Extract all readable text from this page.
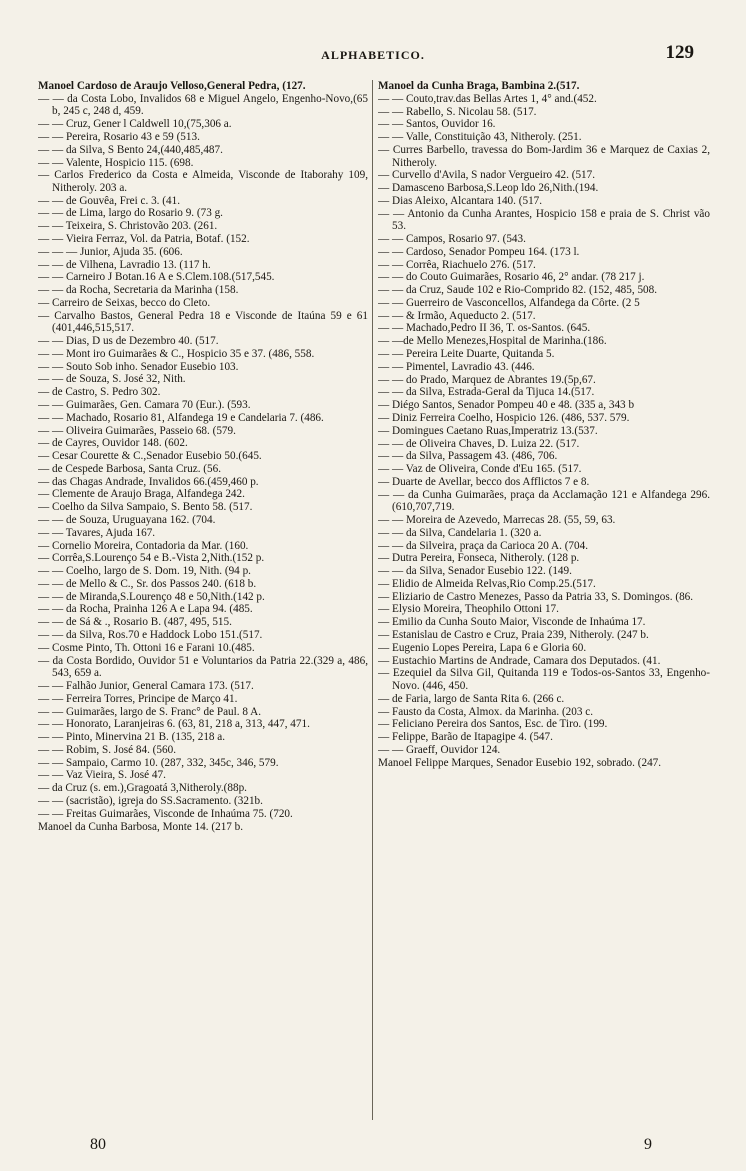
ALPHABETICO.	129

Manoel Cardoso de Araujo Velloso,General Pedra, (127.

— — da Costa Lobo, Invalidos 68 e Miguel Angelo, Engenho-Novo,(65 b, 245 c, 248 d, 459.

— — Cruz, Gener l Caldwell 10,(75,306 a.

— — Pereira, Rosario 43 e 59 (513.

— — da Silva, S Bento 24,(440,485,487.

— — Valente, Hospicio 115. (698.

— Carlos Frederico da Costa e Almeida, Visconde de Itaborahy 109, Nitheroly. 203 a.

— — de Gouvêa, Frei c. 3. (41.

— — de Lima, largo do Rosario 9. (73 g.

— — Teixeira, S. Christovão 203. (261.

— — Vieira Ferraz, Vol. da Patria, Botaf. (152.

— — — Junior, Ajuda 35. (606.

— — de Vilhena, Lavradio 13. (117 h.

— — Carneiro J Botan.16 A e S.Clem.108.(517,545.

— — da Rocha, Secretaria da Marinha (158.

— Carreiro de Seixas, becco do Cleto.

— Carvalho Bastos, General Pedra 18 e Visconde de Itaúna 59 e 61 (401,446,515,517.

— — Dias, D us de Dezembro 40. (517.

— — Mont iro Guimarães & C., Hospicio 35 e 37. (486, 558.

— — Souto Sob inho. Senador Eusebio 103.

— — de Souza, S. José 32, Nith.

— de Castro, S. Pedro 302.

— — Guimarães, Gen. Camara 70 (Eur.). (593.

— — Machado, Rosario 81, Alfandega 19 e Candelaria 7. (486.

— — Oliveira Guimarães, Passeio 68. (579.

— de Cayres, Ouvidor 148. (602.

— Cesar Courette & C.,Senador Eusebio 50.(645.

— de Cespede Barbosa, Santa Cruz. (56.

— das Chagas Andrade, Invalidos 66.(459,460 p.

— Clemente de Araujo Braga, Alfandega 242.

— Coelho da Silva Sampaio, S. Bento 58. (517.

— — de Souza, Uruguayana 162. (704.

— — Tavares, Ajuda 167.

— Cornelio Moreira, Contadoria da Mar. (160.

— Corrêa,S.Lourenço 54 e B.-Vista 2,Nith.(152 p.

— — Coelho, largo de S. Dom. 19, Nith. (94 p.

— — de Mello & C., Sr. dos Passos 240. (618 b.

— — de Miranda,S.Lourenço 48 e 50,Nith.(142 p.

— — da Rocha, Prainha 126 A e Lapa 94. (485.

— — de Sá & ., Rosario B. (487, 495, 515.

— — da Silva, Ros.70 e Haddock Lobo 151.(517.

— Cosme Pinto, Th. Ottoni 16 e Farani 10.(485.

— da Costa Bordido, Ouvidor 51 e Voluntarios da Patria 22.(329 a, 486, 543, 659 a.

— — Falhão Junior, General Camara 173. (517.

— — Ferreira Torres, Principe de Março 41.

— — Guimarães, largo de S. Franc° de Paul. 8 A.

— — Honorato, Laranjeiras 6. (63, 81, 218 a, 313, 447, 471.

— — Pinto, Minervina 21 B. (135, 218 a.

— — Robim, S. José 84. (560.

— — Sampaio, Carmo 10. (287, 332, 345c, 346, 579.

— — Vaz Vieira, S. José 47.

— da Cruz (s. em.),Gragoatá 3,Nitheroly.(88p.

— — (sacristão), igreja do SS.Sacramento. (321b.

— — Freitas Guimarães, Visconde de Inhaúma 75. (720.

Manoel da Cunha Barbosa, Monte 14. (217 b.

Manoel da Cunha Braga, Bambina 2.(517.

— — Couto,trav.das Bellas Artes 1, 4° and.(452.

— — Rabello, S. Nicolau 58. (517.

— — Santos, Ouvidor 16.

— — Valle, Constituição 43, Nitheroly. (251.

— Curres Barbello, travessa do Bom-Jardim 36 e Marquez de Caxias 2, Nitheroly.

— Curvello d'Avila, S nador Vergueiro 42. (517.

— Damasceno Barbosa,S.Leop ldo 26,Nith.(194.

— Dias Aleixo, Alcantara 140. (517.

— — Antonio da Cunha Arantes, Hospicio 158 e praia de S. Christ vão 53.

— — Campos, Rosario 97. (543.

— — Cardoso, Senador Pompeu 164. (173 l.

— — Corrêa, Riachuelo 276. (517.

— — do Couto Guimarães, Rosario 46, 2° andar. (78 217 j.

— — da Cruz, Saude 102 e Rio-Comprido 82. (152, 485, 508.

— — Guerreiro de Vasconcellos, Alfandega da Côrte. (2 5

— — & Irmão, Aqueducto 2. (517.

— — Machado,Pedro II 36, T. os-Santos. (645.

— —de Mello Menezes,Hospital de Marinha.(186.

— — Pereira Leite Duarte, Quitanda 5.

— — Pimentel, Lavradio 43. (446.

— — do Prado, Marquez de Abrantes 19.(5p,67.

— — da Silva, Estrada-Geral da Tijuca 14.(517.

— Diégo Santos, Senador Pompeu 40 e 48. (335 a, 343 b

— Diniz Ferreira Coelho, Hospicio 126. (486, 537. 579.

— Domingues Caetano Ruas,Imperatriz 13.(537.

— — de Oliveira Chaves, D. Luiza 22. (517.

— — da Silva, Passagem 43. (486, 706.

— — Vaz de Oliveira, Conde d'Eu 165. (517.

— Duarte de Avellar, becco dos Afflictos 7 e 8.

— — da Cunha Guimarães, praça da Acclamação 121 e Alfandega 296. (610,707,719.

— — Moreira de Azevedo, Marrecas 28. (55, 59, 63.

— — da Silva, Candelaria 1. (320 a.

— — da Silveira, praça da Carioca 20 A. (704.

— Dutra Pereira, Fonseca, Nitheroly. (128 p.

— — da Silva, Senador Eusebio 122. (149.

— Elidio de Almeida Relvas,Rio Comp.25.(517.

— Eliziario de Castro Menezes, Passo da Patria 33, S. Domingos. (86.

— Elysio Moreira, Theophilo Ottoni 17.

— Emilio da Cunha Souto Maior, Visconde de Inhaúma 17.

— Estanislau de Castro e Cruz, Praia 239, Nitheroly. (247 b.

— Eugenio Lopes Pereira, Lapa 6 e Gloria 60.

— Eustachio Martins de Andrade, Camara dos Deputados. (41.

— Ezequiel da Silva Gil, Quitanda 119 e Todos-os-Santos 33, Engenho-Novo. (446, 450.

— de Faria, largo de Santa Rita 6. (266 c.

— Fausto da Costa, Almox. da Marinha. (203 c.

— Feliciano Pereira dos Santos, Esc. de Tiro. (199.

— Felippe, Barão de Itapagipe 4. (547.

— — Graeff, Ouvidor 124.

Manoel Felippe Marques, Senador Eusebio 192, sobrado. (247.

80	9
